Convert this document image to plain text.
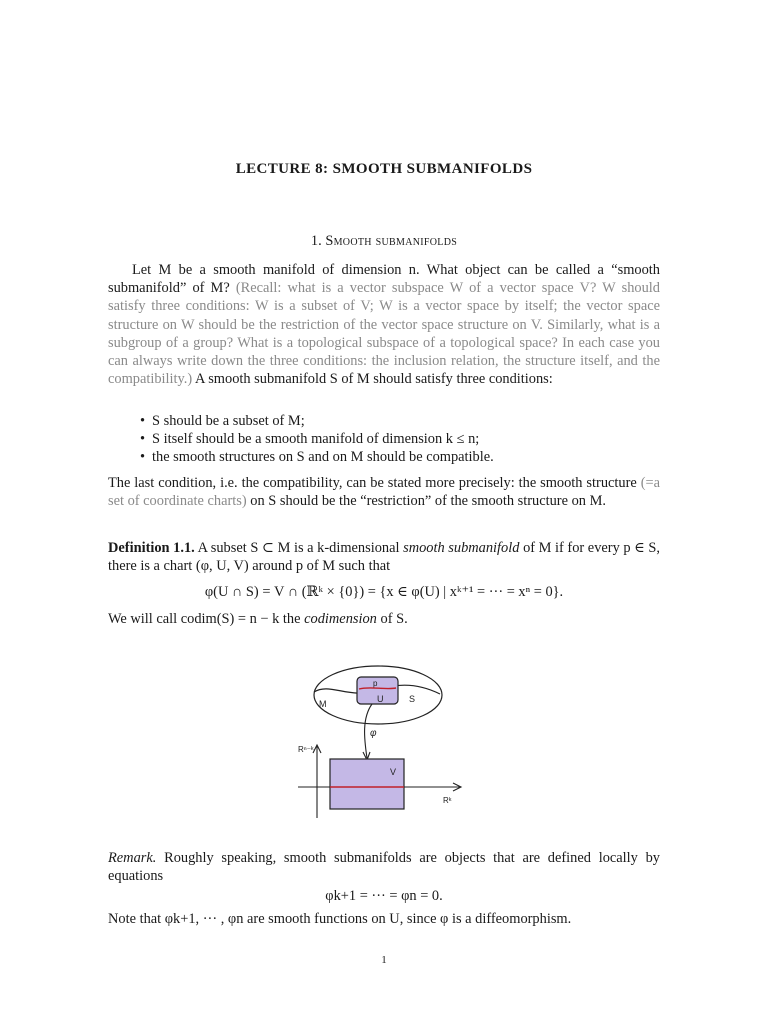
LECTURE 8: SMOOTH SUBMANIFOLDS
1. Smooth submanifolds
Let M be a smooth manifold of dimension n. What object can be called a “smooth submanifold” of M? (Recall: what is a vector subspace W of a vector space V? W should satisfy three conditions: W is a subset of V; W is a vector space by itself; the vector space structure on W should be the restriction of the vector space structure on V. Similarly, what is a subgroup of a group? What is a topological subspace of a topological space? In each case you can always write down the three conditions: the inclusion relation, the structure itself, and the compatibility.) A smooth submanifold S of M should satisfy three conditions:
• S should be a subset of M;
• S itself should be a smooth manifold of dimension k ≤ n;
• the smooth structures on S and on M should be compatible.
The last condition, i.e. the compatibility, can be stated more precisely: the smooth structure (=a set of coordinate charts) on S should be the “restriction” of the smooth structure on M.
Definition 1.1. A subset S ⊂ M is a k-dimensional smooth submanifold of M if for every p ∈ S, there is a chart (φ, U, V) around p of M such that
φ(U ∩ S) = V ∩ (ℝᵏ × {0}) = {x ∈ φ(U) | xᵏ⁺¹ = ··· = xⁿ = 0}.
We will call codim(S) = n − k the codimension of S.
p
U	S
M
φ
V
Rⁿ⁻ᵏ
Rᵏ
Remark. Roughly speaking, smooth submanifolds are objects that are defined locally by equations
φk+1 = ··· = φn = 0.
Note that φk+1, ··· , φn are smooth functions on U, since φ is a diffeomorphism.
1
